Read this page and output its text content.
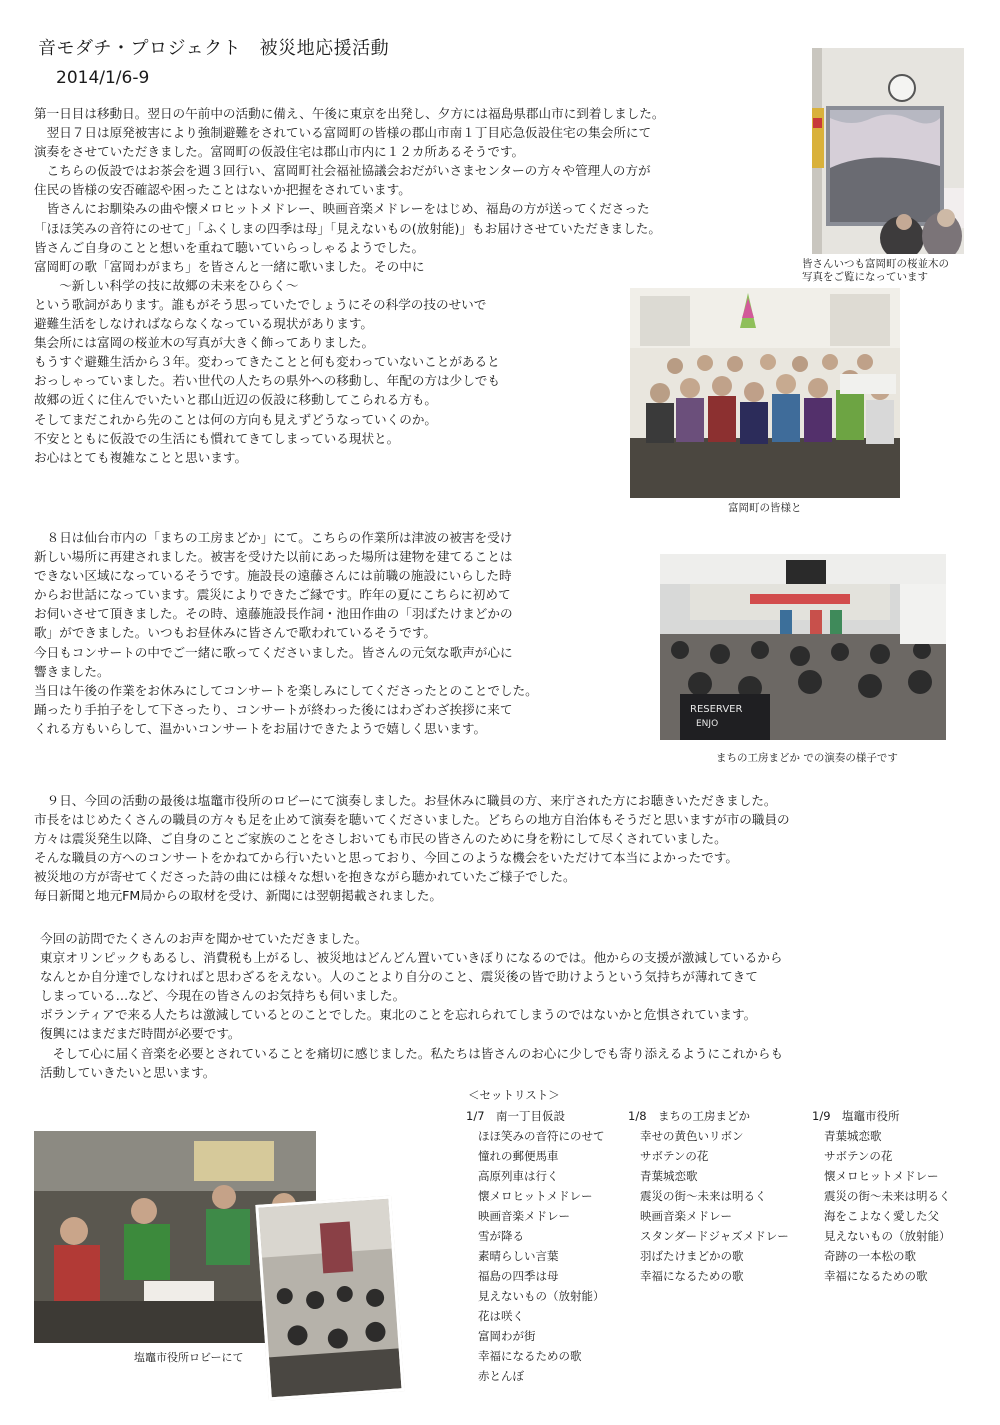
音モダチ・プロジェクト　被災地応援活動
2014/1/6-9
第一日目は移動日。翌日の午前中の活動に備え、午後に東京を出発し、夕方には福島県郡山市に到着しました。
　翌日７日は原発被害により強制避難をされている富岡町の皆様の郡山市南１丁目応急仮設住宅の集会所にて
演奏をさせていただきました。富岡町の仮設住宅は郡山市内に１２カ所あるそうです。
　こちらの仮設ではお茶会を週３回行い、富岡町社会福祉協議会おだがいさまセンターの方々や管理人の方が
住民の皆様の安否確認や困ったことはないか把握をされています。
　皆さんにお馴染みの曲や懐メロヒットメドレー、映画音楽メドレーをはじめ、福島の方が送ってくださった
「ほほ笑みの音符にのせて」「ふくしまの四季は母」「見えないもの(放射能)」もお届けさせていただきました。
皆さんご自身のことと想いを重ねて聴いていらっしゃるようでした。
富岡町の歌「富岡わがまち」を皆さんと一緒に歌いました。その中に
　　～新しい科学の技に故郷の未来をひらく～
という歌詞があります。誰もがそう思っていたでしょうにその科学の技のせいで
避難生活をしなければならなくなっている現状があります。
集会所には富岡の桜並木の写真が大きく飾ってありました。
もうすぐ避難生活から３年。変わってきたことと何も変わっていないことがあると
おっしゃっていました。若い世代の人たちの県外への移動し、年配の方は少しでも
故郷の近くに住んでいたいと郡山近辺の仮設に移動してこられる方も。
そしてまだこれから先のことは何の方向も見えずどうなっていくのか。
不安とともに仮設での生活にも慣れてきてしまっている現状と。
お心はとても複雑なことと思います。
皆さんいつも富岡町の桜並木の
写真をご覧になっています
富岡町の皆様と
　８日は仙台市内の「まちの工房まどか」にて。こちらの作業所は津波の被害を受け
新しい場所に再建されました。被害を受けた以前にあった場所は建物を建てることは
できない区域になっているそうです。施設長の遠藤さんには前職の施設にいらした時
からお世話になっています。震災によりできたご縁です。昨年の夏にこちらに初めて
お伺いさせて頂きました。その時、遠藤施設長作詞・池田作曲の「羽ばたけまどかの
歌」ができました。いつもお昼休みに皆さんで歌われているそうです。
今日もコンサートの中でご一緒に歌ってくださいました。皆さんの元気な歌声が心に
響きました。
当日は午後の作業をお休みにしてコンサートを楽しみにしてくださったとのことでした。
踊ったり手拍子をして下さったり、コンサートが終わった後にはわざわざ挨拶に来て
くれる方もいらして、温かいコンサートをお届けできたようで嬉しく思います。
RESERVER
ENJO
まちの工房まどか での演奏の様子です
　９日、今回の活動の最後は塩竈市役所のロビーにて演奏しました。お昼休みに職員の方、来庁された方にお聴きいただきました。
市長をはじめたくさんの職員の方々も足を止めて演奏を聴いてくださいました。どちらの地方自治体もそうだと思いますが市の職員の
方々は震災発生以降、ご自身のことご家族のことをさしおいても市民の皆さんのために身を粉にして尽くされていました。
そんな職員の方へのコンサートをかねてから行いたいと思っており、今回このような機会をいただけて本当によかったです。
被災地の方が寄せてくださった詩の曲には様々な想いを抱きながら聴かれていたご様子でした。
毎日新聞と地元FM局からの取材を受け、新聞には翌朝掲載されました。
今回の訪問でたくさんのお声を聞かせていただきました。
東京オリンピックもあるし、消費税も上がるし、被災地はどんどん置いていきぼりになるのでは。他からの支援が激減しているから
なんとか自分達でしなければと思わざるをえない。人のことより自分のこと、震災後の皆で助けようという気持ちが薄れてきて
しまっている…など、今現在の皆さんのお気持ちも伺いました。
ボランティアで来る人たちは激減しているとのことでした。東北のことを忘れられてしまうのではないかと危惧されています。
復興にはまだまだ時間が必要です。
　そして心に届く音楽を必要とされていることを痛切に感じました。私たちは皆さんのお心に少しでも寄り添えるようにこれからも
活動していきたいと思います。
＜セットリスト＞
1/7　南一丁目仮設
ほほ笑みの音符にのせて
憧れの郵便馬車
高原列車は行く
懐メロヒットメドレー
映画音楽メドレー
雪が降る
素晴らしい言葉
福島の四季は母
見えないもの（放射能）
花は咲く
富岡わが街
幸福になるための歌
赤とんぼ
1/8　まちの工房まどか
幸せの黄色いリボン
サボテンの花
青葉城恋歌
震災の街～未来は明るく
映画音楽メドレー
スタンダードジャズメドレー
羽ばたけまどかの歌
幸福になるための歌
1/9　塩竈市役所
青葉城恋歌
サボテンの花
懐メロヒットメドレー
震災の街～未来は明るく
海をこよなく愛した父
見えないもの（放射能）
奇跡の一本松の歌
幸福になるための歌
塩竈市役所ロビーにて
